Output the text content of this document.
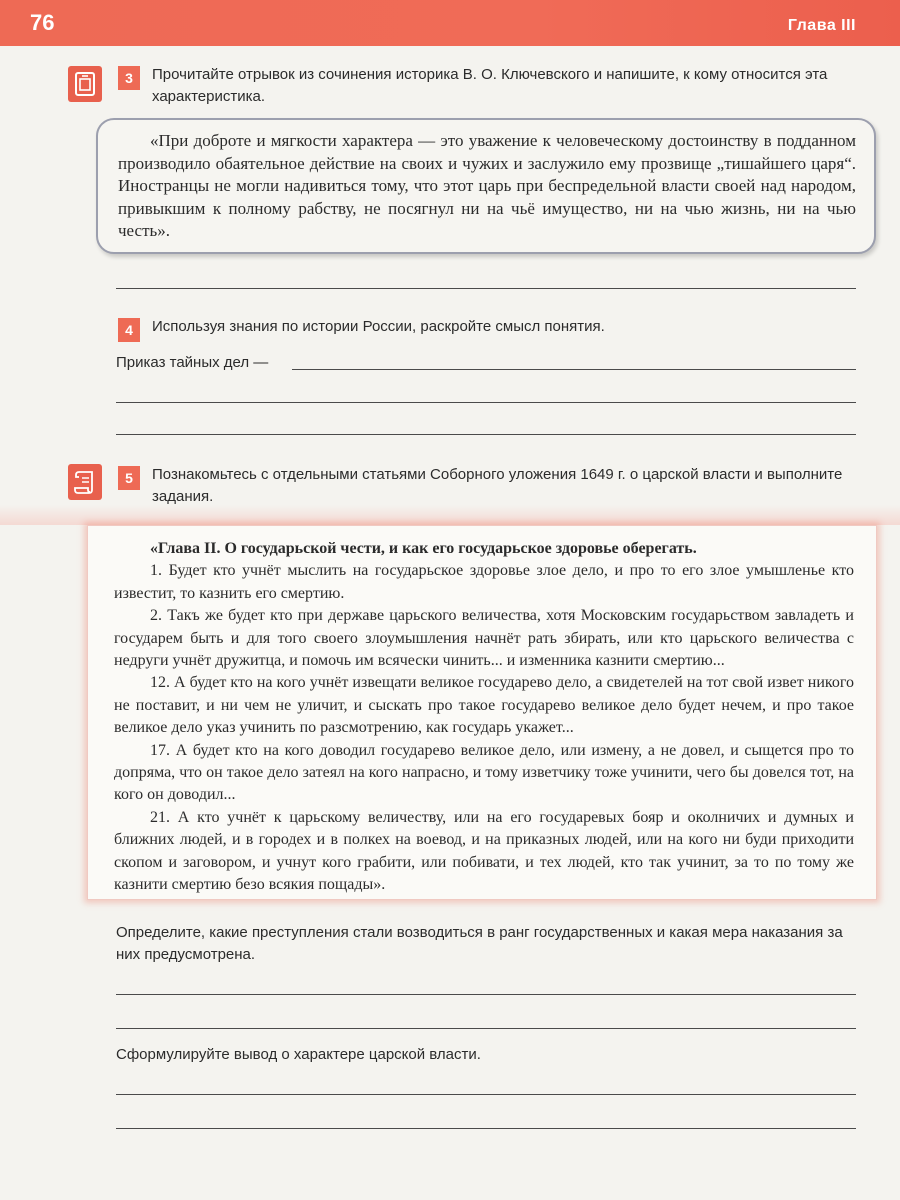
76	Глава III
3	Прочитайте отрывок из сочинения историка В. О. Ключевского и напишите, к кому относится эта характеристика.

«При доброте и мягкости характера — это уважение к человеческому достоинству в подданном производило обаятельное действие на своих и чужих и заслужило ему прозвище „тишайшего царя“. Иностранцы не могли надивиться тому, что этот царь при беспредельной власти своей над народом, привыкшим к полному рабству, не посягнул ни на чьё имущество, ни на чью жизнь, ни на чью честь».

4	Используя знания по истории России, раскройте смысл понятия.
Приказ тайных дел —
5	Познакомьтесь с отдельными статьями Соборного уложения 1649 г. о царской власти и выполните задания.

«Глава II. О государьской чести, и как его государьское здоровье оберегать.

1. Будет кто учнёт мыслить на государьское здоровье злое дело, и про то его злое умышленье кто известит, то казнить его смертию.

2. Такъ же будет кто при державе царьского величества, хотя Московским государьством завладеть и государем быть и для того своего злоумышления начнёт рать збирать, или кто царьского величества с недруги учнёт дружитца, и помочь им всячески чинить... и изменника казнити смертию...

12. А будет кто на кого учнёт извещати великое государево дело, а свидетелей на тот свой извет никого не поставит, и ни чем не уличит, и сыскать про такое государево великое дело будет нечем, и про такое великое дело указ учинить по разсмотрению, как государь укажет...

17. А будет кто на кого доводил государево великое дело, или измену, а не довел, и сыщется про то допряма, что он такое дело затеял на кого напрасно, и тому изветчику тоже учинити, чего бы довелся тот, на кого он доводил...

21. А кто учнёт к царьскому величеству, или на его государевых бояр и околничих и думных и ближних людей, и в городех и в полкех на воевод, и на приказных людей, или на кого ни буди приходити скопом и заговором, и учнут кого грабити, или побивати, и тех людей, кто так учинит, за то по тому же казнити смертию безо всякия пощады».

Определите, какие преступления стали возводиться в ранг государственных и какая мера наказания за них предусмотрена.
Сформулируйте вывод о характере царской власти.
